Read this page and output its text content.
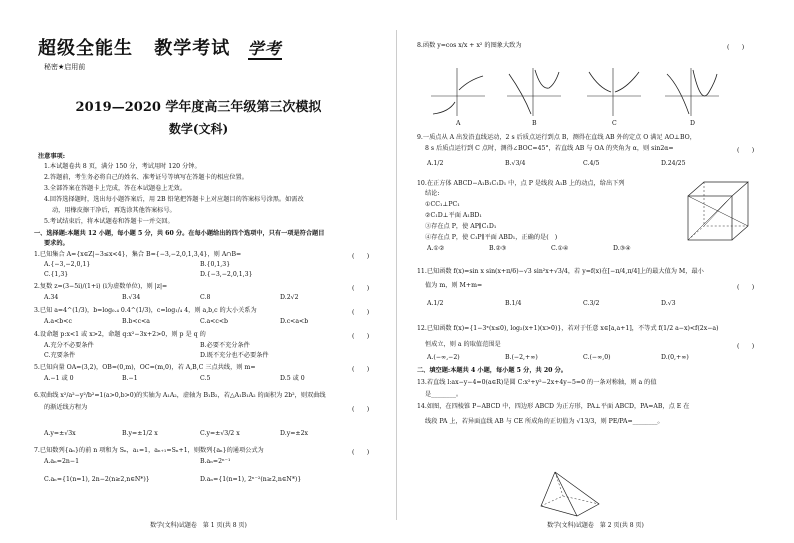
超级全能生 教学考试 学考
秘密★启用前
2019—2020 学年度高三年级第三次模拟
数学(文科)
注意事项:
1.本试题卷共 8 页，满分 150 分，考试用时 120 分钟。
2.答题前，考生务必将自己的姓名、准考证号等填写在答题卡的相应位置。
3.全部答案在答题卡上完成，答在本试题卷上无效。
4.回答选择题时，选出每小题答案后，用 2B 铅笔把答题卡上对应题目的答案标号涂黑。如需改
动，用橡皮擦干净后，再选涂其他答案标号。
5.考试结束后，将本试题卷和答题卡一并交回。
一、选择题:本题共 12 小题，每小题 5 分，共 60 分。在每小题给出的四个选项中，只有一项是符合题目
要求的。
1.已知集合 A={x∈Z|−3≤x<4}，集合 B={−3,−2,0,1,3,4}，则 A∩B=	(　　)
A.{−3,−2,0,1}	B.{0,1,3}
C.{1,3}	D.{−3,−2,0,1,3}
2.复数 z=(3−5i)/(1+i) (i为虚数单位)，则 |z|=	(　　)
A.34	B.√34	C.8	D.2√2
3.已知 a=4^(1/3)，b=log₀.₄ 0.4^(1/3)，c=log₁/₄ 4，则 a,b,c 的大小关系为	(　　)
A.a<b<c	B.b<c<a	C.a<c<b	D.c<a<b
4.设命题 p:x<1 或 x>2，命题 q:x²−3x+2>0，则 p 是 q 的	(　　)
A.充分不必要条件	B.必要不充分条件
C.充要条件	D.既不充分也不必要条件
5.已知向量 OA=(3,2)，OB=(0,m)，OC=(m,0)，若 A,B,C 三点共线，则 m=	(　　)
A.−1 或 0	B.−1	C.5	D.5 或 0
6.双曲线 x²/a²−y²/b²=1(a>0,b>0)的实轴为 A₁A₂，虚轴为 B₁B₂，若△A₁B₁A₂ 的面积为 2b²，则双曲线
的渐近线方程为	(　　)
A.y=±√3x	B.y=±1/2 x	C.y=±√3/2 x	D.y=±2x
7.已知数列{aₙ}的前 n 项和为 Sₙ，a₁=1，aₙ₊₁=Sₙ+1，则数列{aₙ}的通项公式为	(　　)
A.aₙ=2n−1	B.aₙ=2ⁿ⁻¹
C.aₙ={1(n=1), 2n−2(n≥2,n∈N*)}	D.aₙ={1(n=1), 2ⁿ⁻²(n≥2,n∈N*)}
数学(文科)试题卷　第 1 页(共 8 页)
8.函数 y=cos x/x + x² 的图象大致为	(　　)
A	B	C	D
9.一质点从 A 出发沿直线运动，2 s 后质点运行到点 B，测得在直线 AB 外的定点 O 满足 AO⊥BO，
8 s 后质点运行到 C 点时，测得∠BOC=45°，若直线 AB 与 OA 的夹角为 α，则 sin2α=	(　　)
A.1/2	B.√3/4	C.4/5	D.24/25
10.在正方体 ABCD−A₁B₁C₁D₁ 中，点 P 是线段 A₁B 上的动点，给出下列
结论:
①CC₁⊥PC₁
②C₁D⊥平面 A₁BD₁
③存在点 P，使 AP∥C₁D₁
④存在点 P，使 C₁P∥平面 ABD₁，正确的是(　)
A.①②	B.②③	C.①④	D.③④
11.已知函数 f(x)=sin x sin(x+π/6)−√3 sin²x+√3/4，若 y=f(x)在[−π/4,π/4]上的最大值为 M，最小
值为 m，则 M+m=	(　　)
A.1/2	B.1/4	C.3/2	D.√3
12.已知函数 f(x)={1−3ˣ(x≤0), log₂(x+1)(x>0)}，若对于任意 x∈[a,a+1]，不等式 f(1/2 a−x)<f(2x−a)
恒成立，则 a 的取值范围是	(　　)
A.(−∞,−2)	B.(−2,+∞)	C.(−∞,0)	D.(0,+∞)
二、填空题:本题共 4 小题，每小题 5 分，共 20 分。
13.若直线 l:ax−y−4=0(a∈R)是圆 C:x²+y²−2x+4y−5=0 的一条对称轴，则 a 的值
是________。
14.如图，在四棱锥 P−ABCD 中，四边形 ABCD 为正方形，PA⊥平面 ABCD，PA=AB，点 E 在
线段 PA 上，若异面直线 AB 与 CE 所成角的正切值为 √13/3，则 PE/PA=________。
数学(文科)试题卷　第 2 页(共 8 页)
